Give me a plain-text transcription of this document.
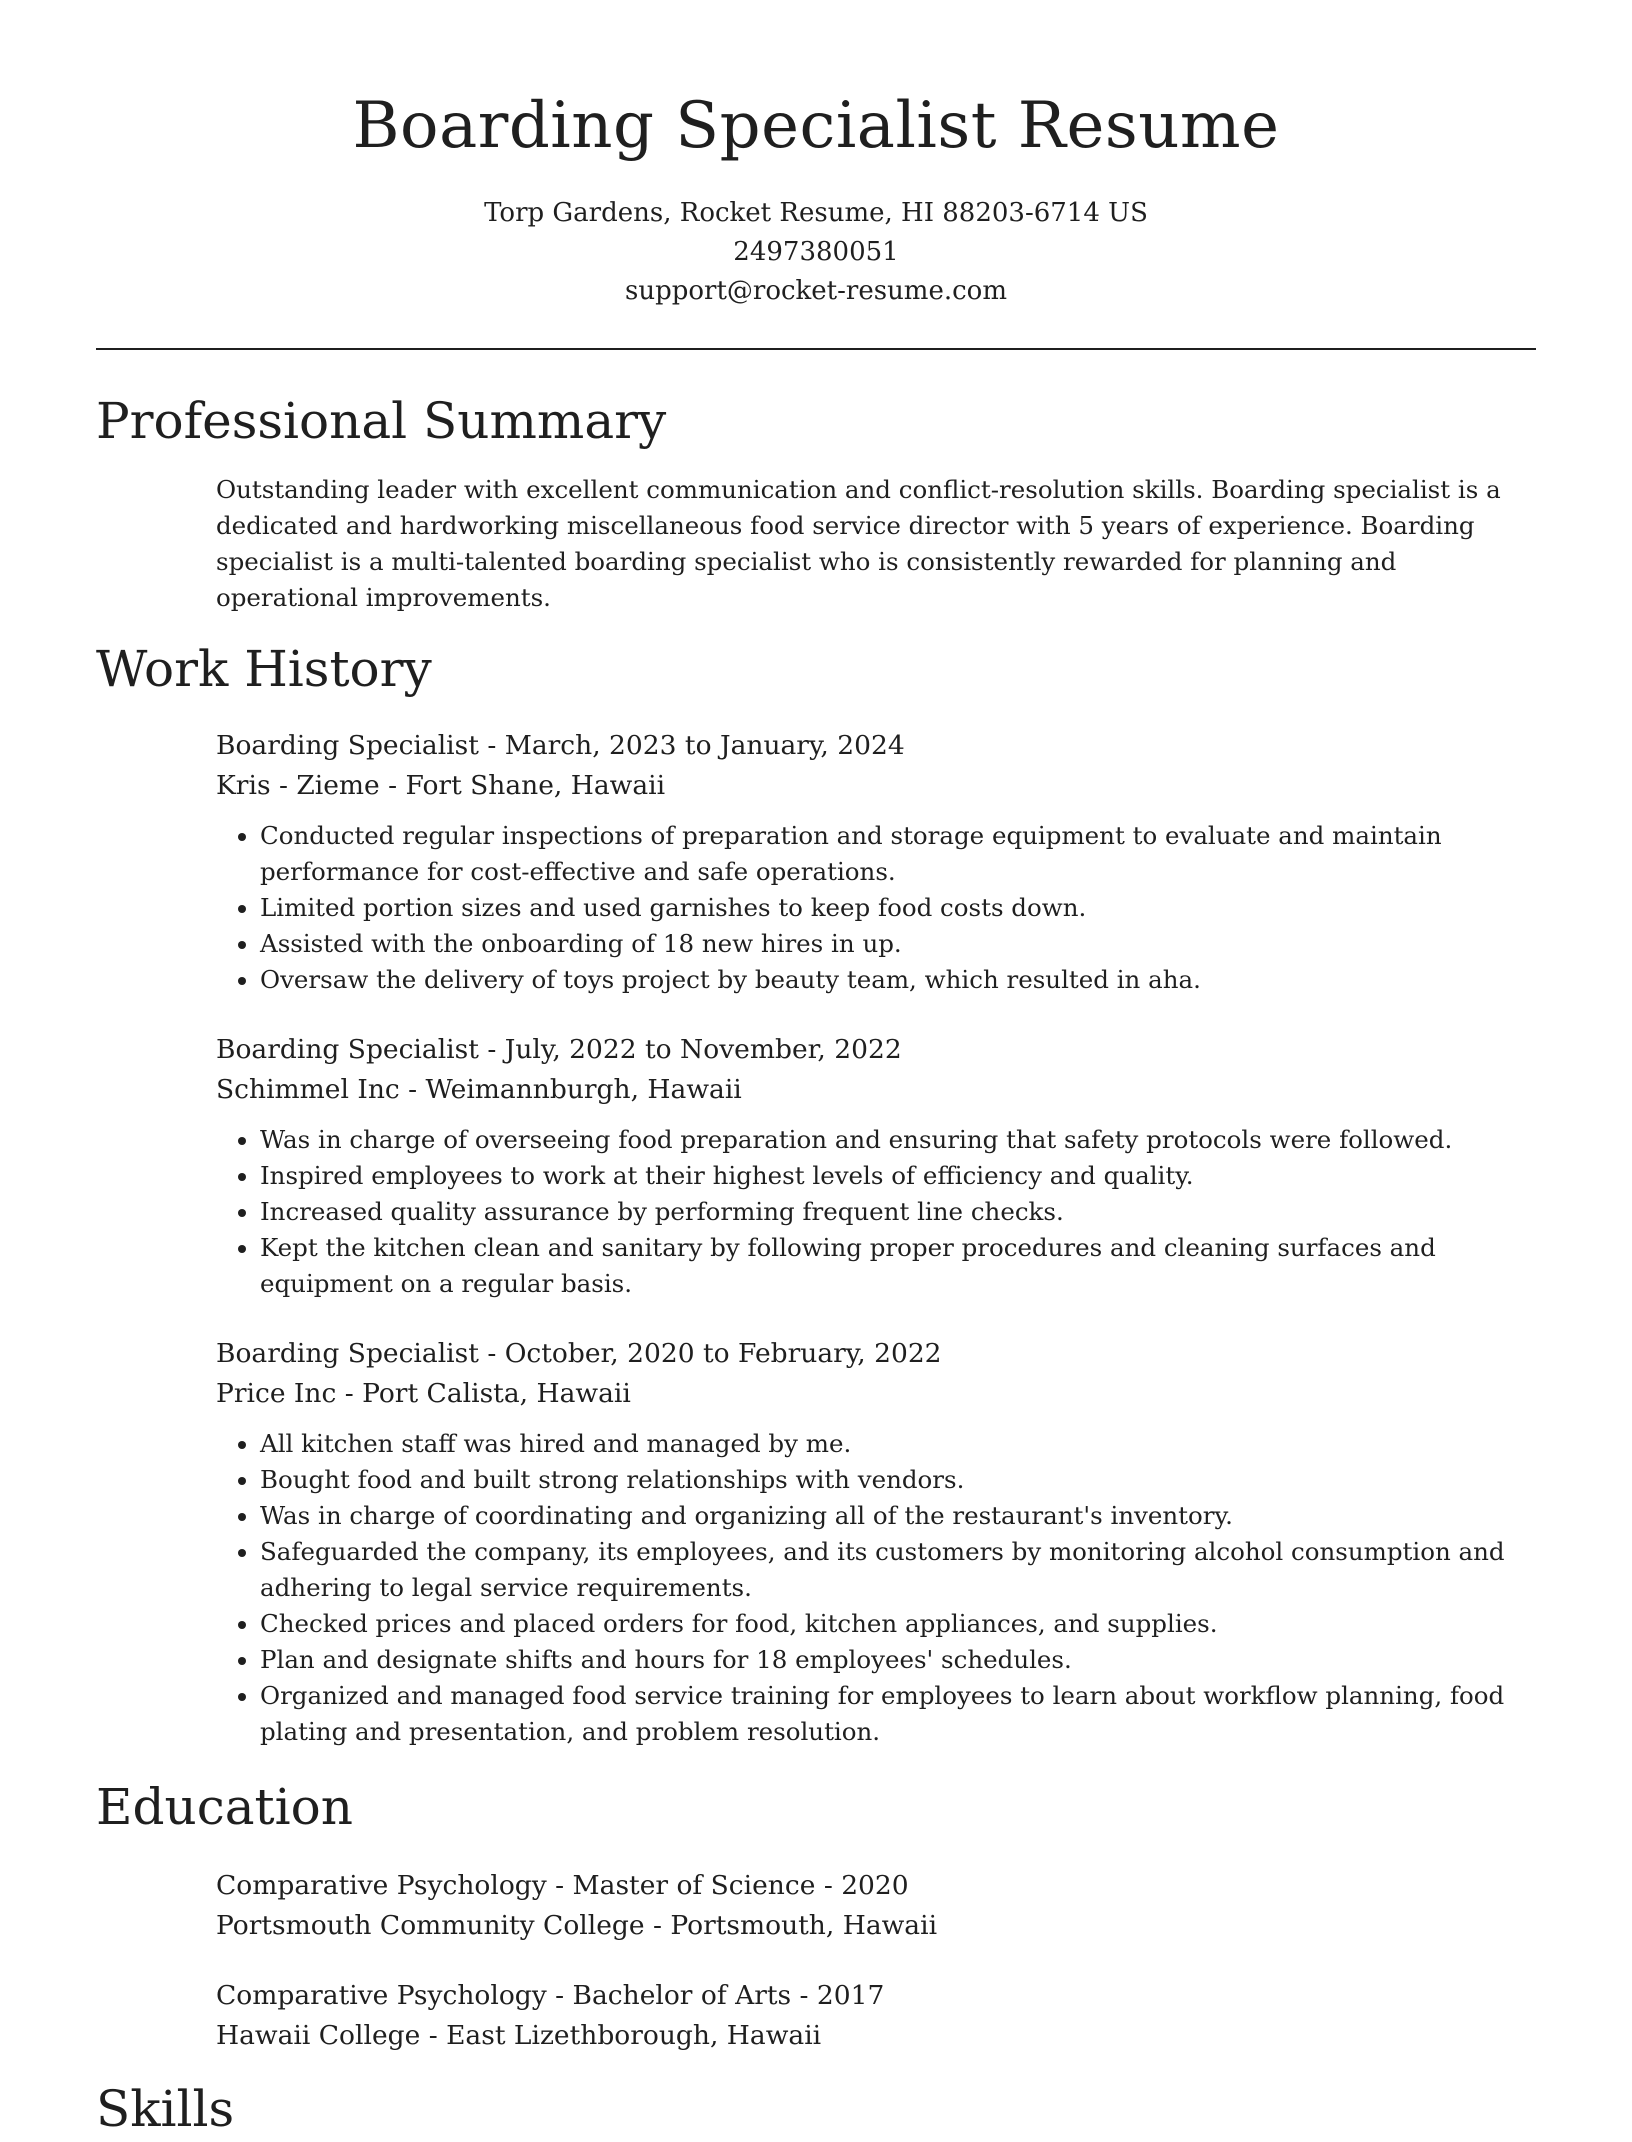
Boarding Specialist Resume
Torp Gardens, Rocket Resume, HI 88203-6714 US
2497380051
support@rocket-resume.com
Professional Summary
Outstanding leader with excellent communication and conflict-resolution skills. Boarding specialist is a dedicated and hardworking miscellaneous food service director with 5 years of experience. Boarding specialist is a multi-talented boarding specialist who is consistently rewarded for planning and operational improvements.
Work History
Boarding Specialist - March, 2023 to January, 2024
Kris - Zieme - Fort Shane, Hawaii
• Conducted regular inspections of preparation and storage equipment to evaluate and maintain performance for cost-effective and safe operations.
• Limited portion sizes and used garnishes to keep food costs down.
• Assisted with the onboarding of 18 new hires in up.
• Oversaw the delivery of toys project by beauty team, which resulted in aha.
Boarding Specialist - July, 2022 to November, 2022
Schimmel Inc - Weimannburgh, Hawaii
• Was in charge of overseeing food preparation and ensuring that safety protocols were followed.
• Inspired employees to work at their highest levels of efficiency and quality.
• Increased quality assurance by performing frequent line checks.
• Kept the kitchen clean and sanitary by following proper procedures and cleaning surfaces and equipment on a regular basis.
Boarding Specialist - October, 2020 to February, 2022
Price Inc - Port Calista, Hawaii
• All kitchen staff was hired and managed by me.
• Bought food and built strong relationships with vendors.
• Was in charge of coordinating and organizing all of the restaurant's inventory.
• Safeguarded the company, its employees, and its customers by monitoring alcohol consumption and adhering to legal service requirements.
• Checked prices and placed orders for food, kitchen appliances, and supplies.
• Plan and designate shifts and hours for 18 employees' schedules.
• Organized and managed food service training for employees to learn about workflow planning, food plating and presentation, and problem resolution.
Education
Comparative Psychology - Master of Science - 2020
Portsmouth Community College - Portsmouth, Hawaii
Comparative Psychology - Bachelor of Arts - 2017
Hawaii College - East Lizethborough, Hawaii
Skills
